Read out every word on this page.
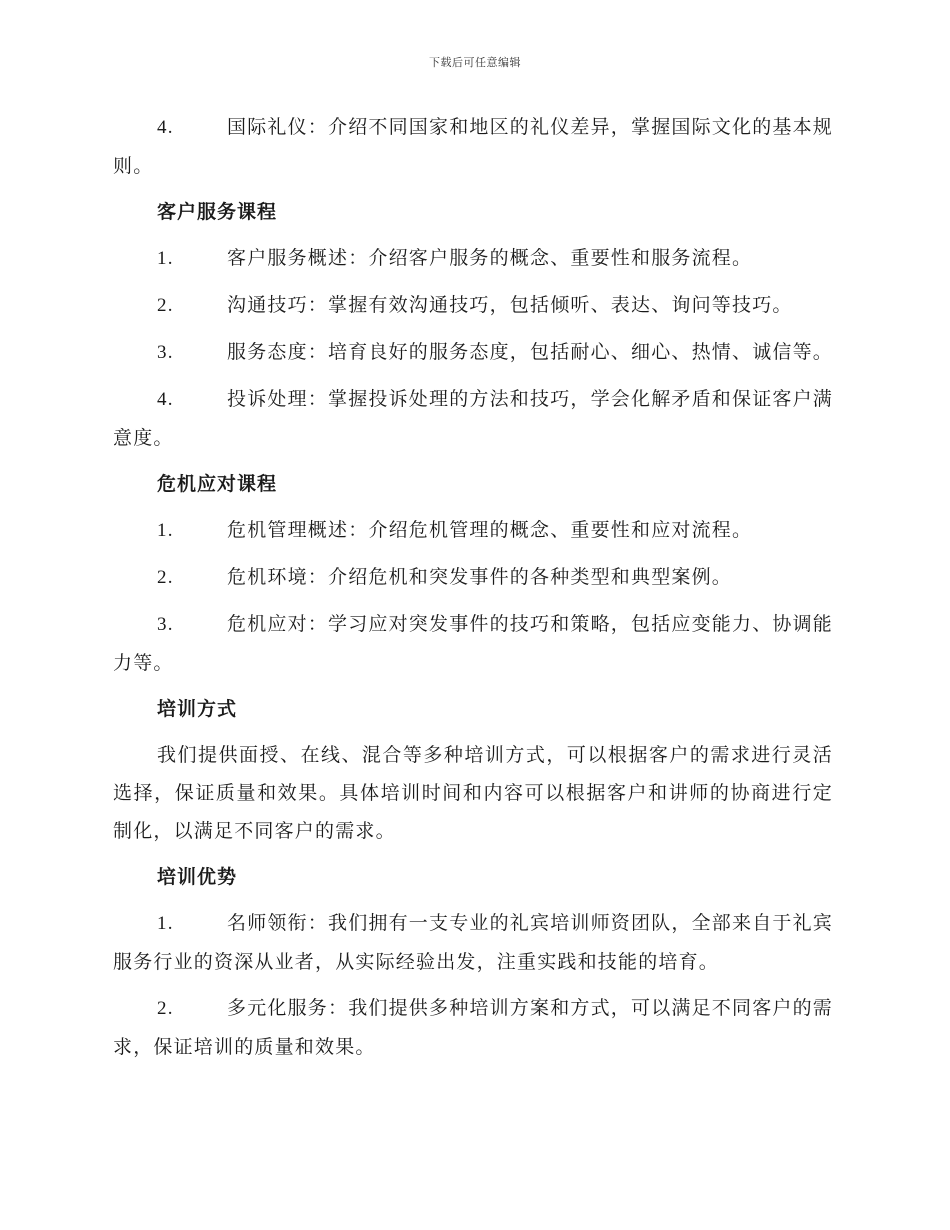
下载后可任意编辑
4.	国际礼仪：介绍不同国家和地区的礼仪差异，掌握国际文化的基本规则。
客户服务课程
1.	客户服务概述：介绍客户服务的概念、重要性和服务流程。
2.	沟通技巧：掌握有效沟通技巧，包括倾听、表达、询问等技巧。
3.	服务态度：培育良好的服务态度，包括耐心、细心、热情、诚信等。
4.	投诉处理：掌握投诉处理的方法和技巧，学会化解矛盾和保证客户满意度。
危机应对课程
1.	危机管理概述：介绍危机管理的概念、重要性和应对流程。
2.	危机环境：介绍危机和突发事件的各种类型和典型案例。
3.	危机应对：学习应对突发事件的技巧和策略，包括应变能力、协调能力等。
培训方式
我们提供面授、在线、混合等多种培训方式，可以根据客户的需求进行灵活选择，保证质量和效果。具体培训时间和内容可以根据客户和讲师的协商进行定制化，以满足不同客户的需求。
培训优势
1.	名师领衔：我们拥有一支专业的礼宾培训师资团队，全部来自于礼宾服务行业的资深从业者，从实际经验出发，注重实践和技能的培育。
2.	多元化服务：我们提供多种培训方案和方式，可以满足不同客户的需求，保证培训的质量和效果。
